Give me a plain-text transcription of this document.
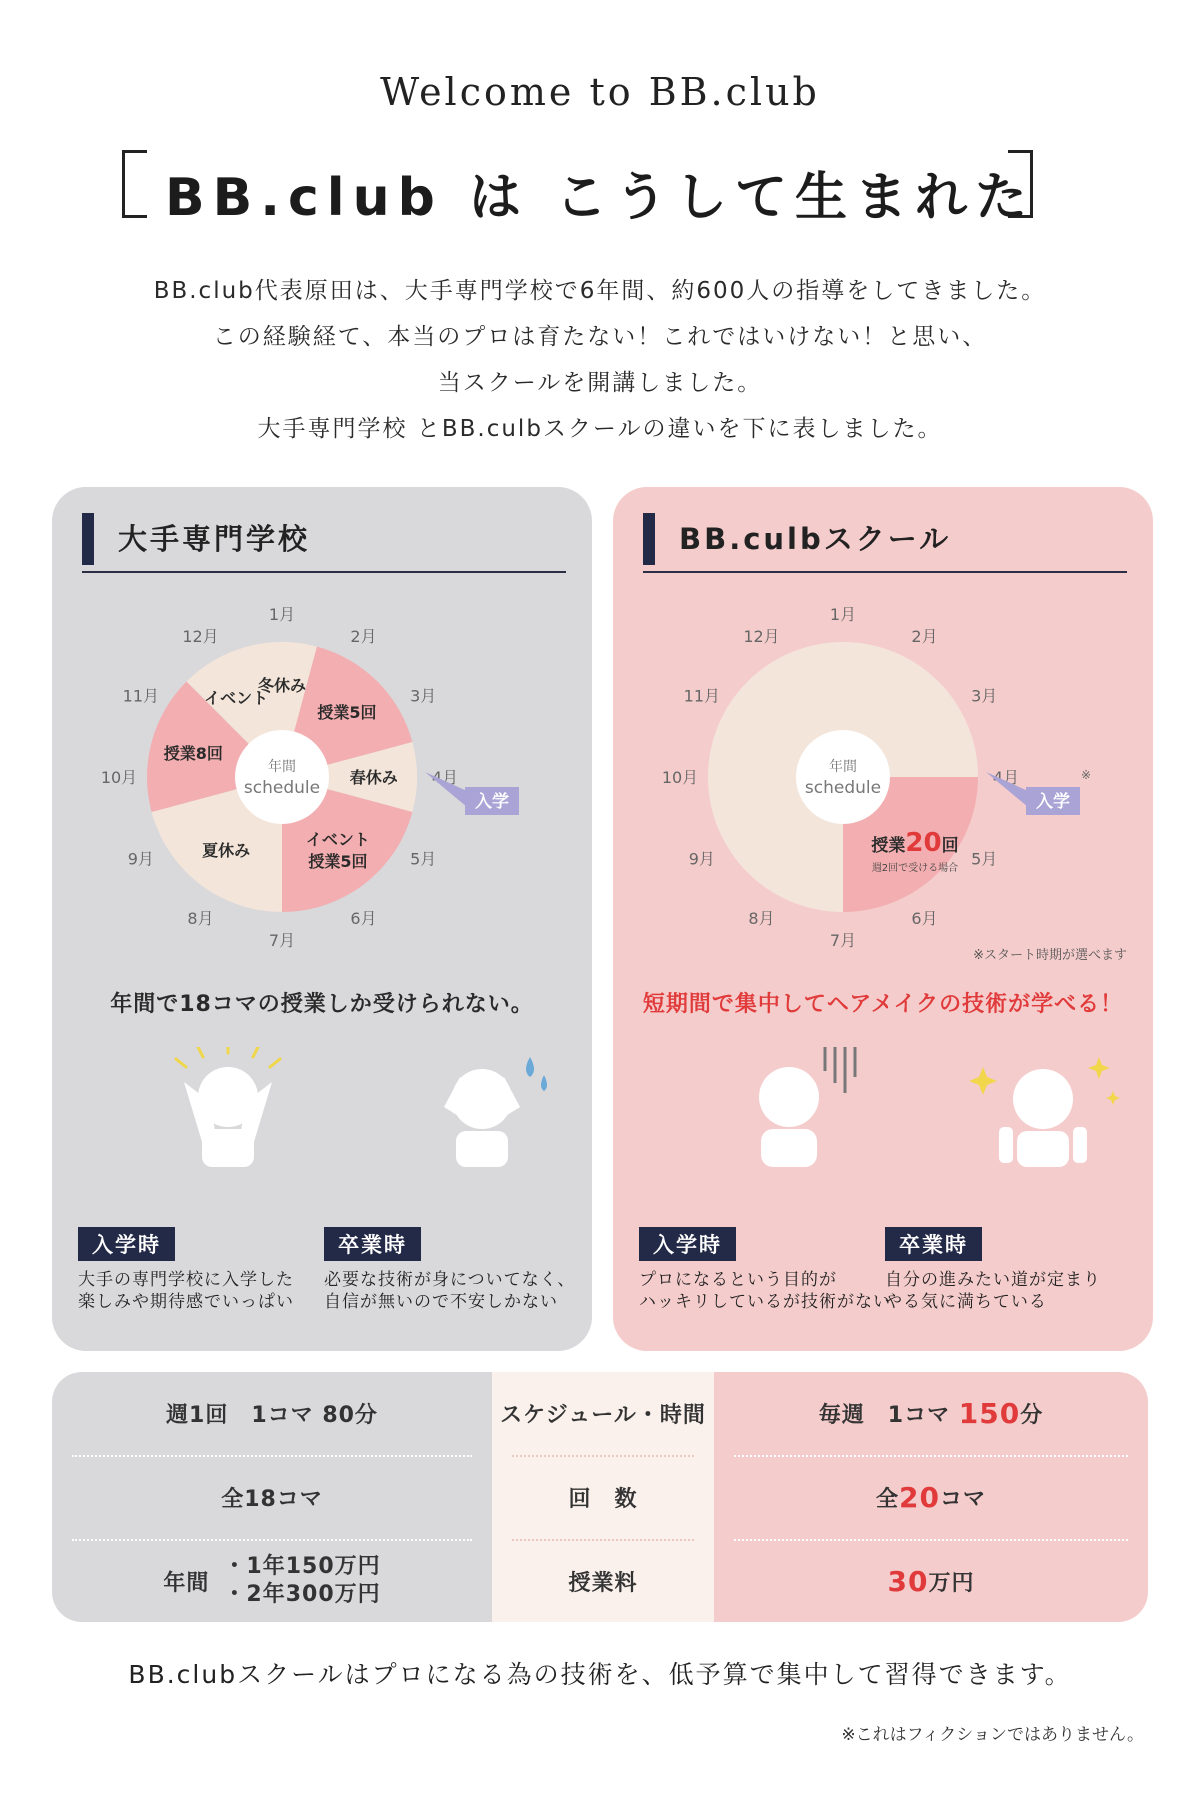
Welcome to BB.club
BB.club は こうして生まれた
BB.club代表原田は、大手専門学校で6年間、約600人の指導をしてきました。
この経験経て、本当のプロは育たない！これではいけない！と思い、
当スクールを開講しました。
大手専門学校 とBB.culbスクールの違いを下に表しました。
大手専門学校
冬休み
授業5回
春休み
イベント
授業5回
夏休み
授業8回
イベント
年間
schedule
1月
2月
3月
4月
5月
6月
7月
8月
9月
10月
11月
12月
入学
年間で18コマの授業しか受けられない。
入学時	卒業時
大手の専門学校に入学した
楽しみや期待感でいっぱい
必要な技術が身についてなく、
自信が無いので不安しかない
BB.culbスクール
年間
schedule
1月
2月
3月
4月
5月
6月
7月
8月
9月
10月
11月
12月
入学
※
授業20回
週2回で受ける場合
※スタート時期が選べます
短期間で集中してヘアメイクの技術が学べる！
入学時	卒業時
プロになるという目的が
ハッキリしているが技術がない
自分の進みたい道が定まり
やる気に満ちている
週1回　1コマ 80分
全18コマ
年間
・1年150万円
・2年300万円
スケジュール・時間
回　数
授業料
毎週　1コマ
150 分
全 20 コマ
30 万円
BB.clubスクールはプロになる為の技術を、低予算で集中して習得できます。
※これはフィクションではありません。
